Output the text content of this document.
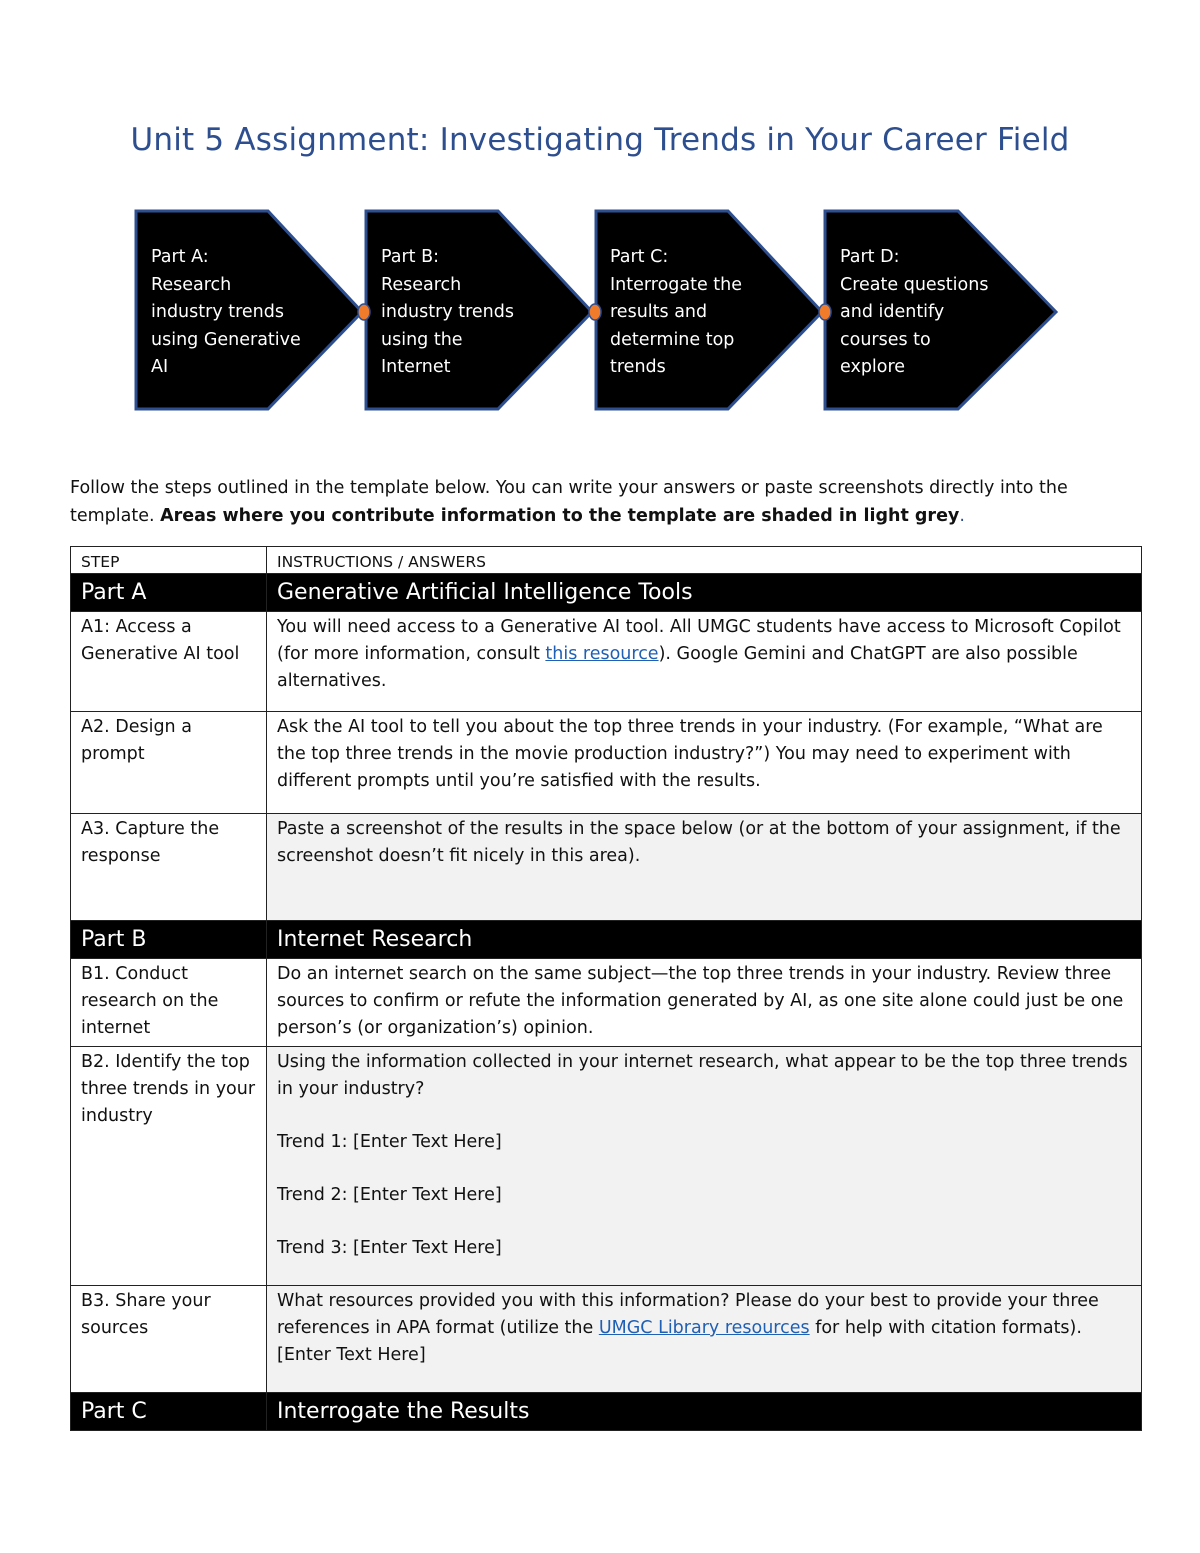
Unit 5 Assignment: Investigating Trends in Your Career Field
Part A:
Research
industry trends
using Generative
AI
Part B:
Research
industry trends
using the
Internet
Part C:
Interrogate the
results and
determine top
trends
Part D:
Create questions
and identify
courses to
explore
Follow the steps outlined in the template below. You can write your answers or paste screenshots directly into the template. Areas where you contribute information to the template are shaded in light grey.
STEP	INSTRUCTIONS / ANSWERS
Part A	Generative Artificial Intelligence Tools
A1: Access a Generative AI tool	You will need access to a Generative AI tool. All UMGC students have access to Microsoft Copilot (for more information, consult this resource). Google Gemini and ChatGPT are also possible alternatives.
A2. Design a prompt	Ask the AI tool to tell you about the top three trends in your industry. (For example, “What are the top three trends in the movie production industry?”) You may need to experiment with different prompts until you’re satisfied with the results.
A3. Capture the response	Paste a screenshot of the results in the space below (or at the bottom of your assignment, if the screenshot doesn’t fit nicely in this area).
Part B	Internet Research
B1. Conduct research on the internet	Do an internet search on the same subject—the top three trends in your industry. Review three sources to confirm or refute the information generated by AI, as one site alone could just be one person’s (or organization’s) opinion.
B2. Identify the top three trends in your industry	Using the information collected in your internet research, what appear to be the top three trends in your industry?
Trend 1: [Enter Text Here]
Trend 2: [Enter Text Here]
Trend 3: [Enter Text Here]

B3. Share your sources	What resources provided you with this information? Please do your best to provide your three references in APA format (utilize the UMGC Library resources for help with citation formats).
[Enter Text Here]
Part C	Interrogate the Results
